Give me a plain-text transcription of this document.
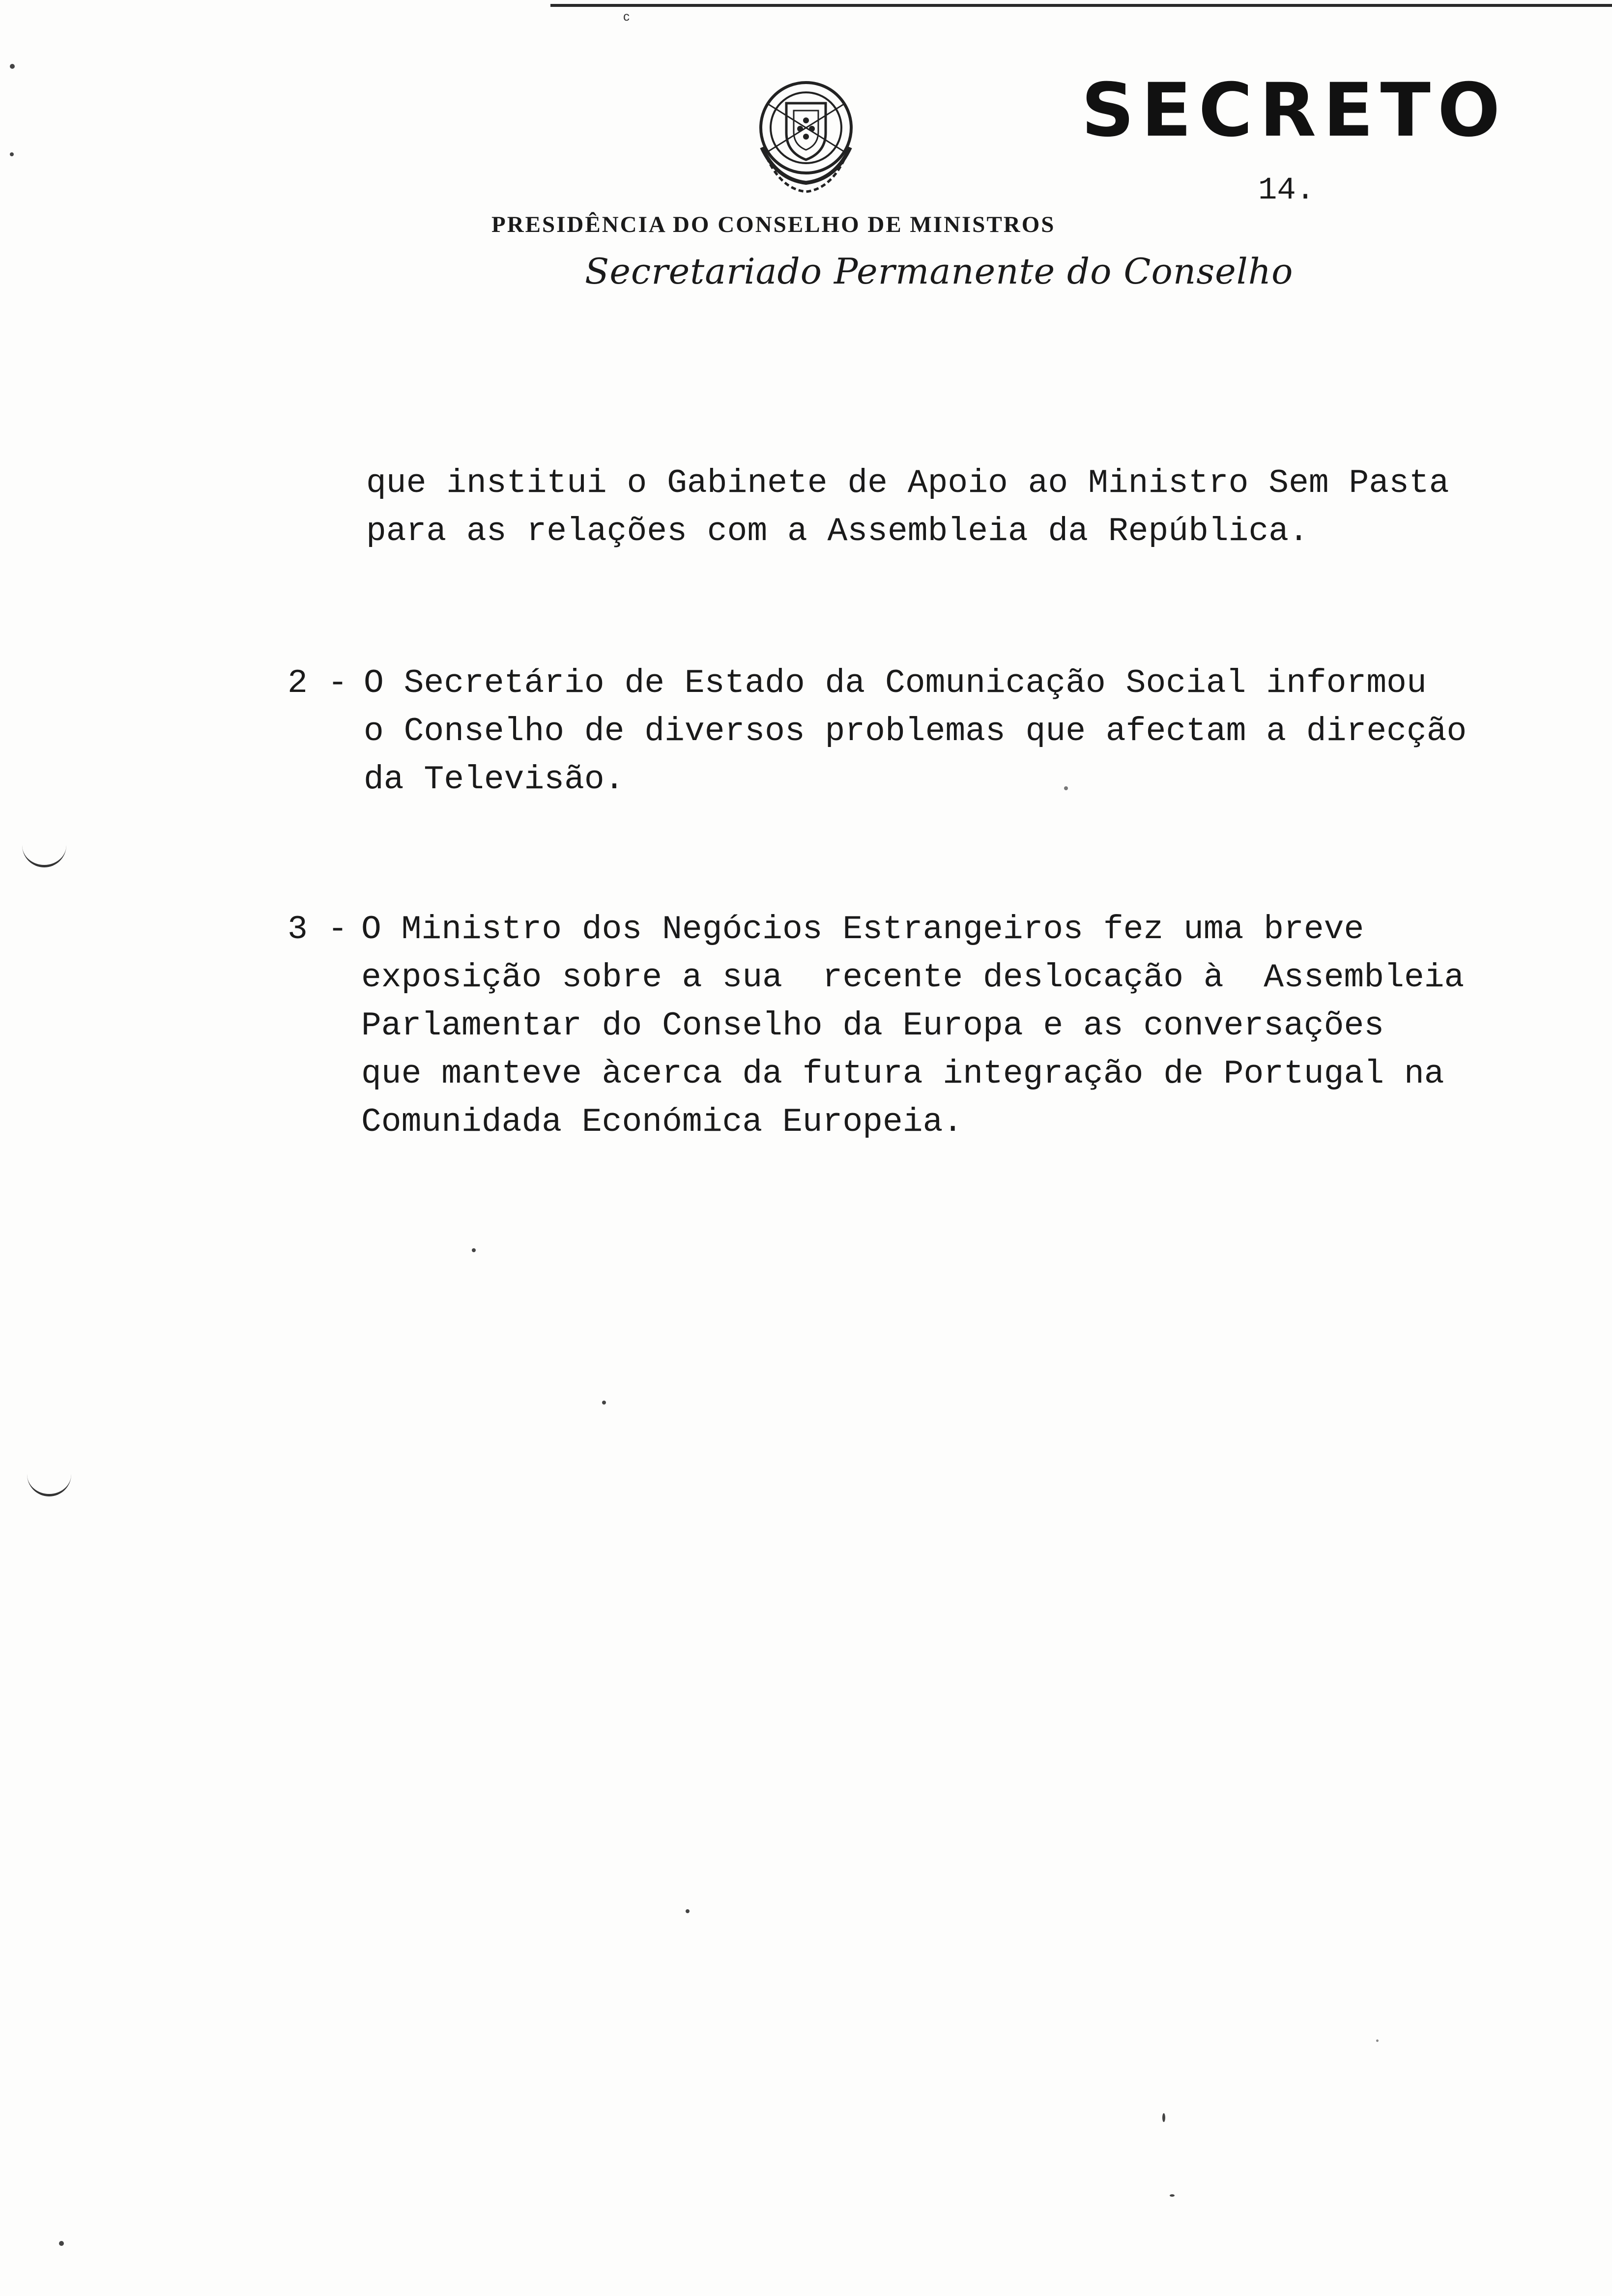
c
SECRETO
14.
PRESIDÊNCIA DO CONSELHO DE MINISTROS
Secretariado Permanente do Conselho
que institui o Gabinete de Apoio ao Ministro Sem Pasta
para as relações com a Assembleia da República.
2 - O Secretário de Estado da Comunicação Social informou
o Conselho de diversos problemas que afectam a direcção
da Televisão.
3 - O Ministro dos Negócios Estrangeiros fez uma breve
exposição sobre a sua  recente deslocação à  Assembleia
Parlamentar do Conselho da Europa e as conversações
que manteve àcerca da futura integração de Portugal na
Comunidada Económica Europeia.
